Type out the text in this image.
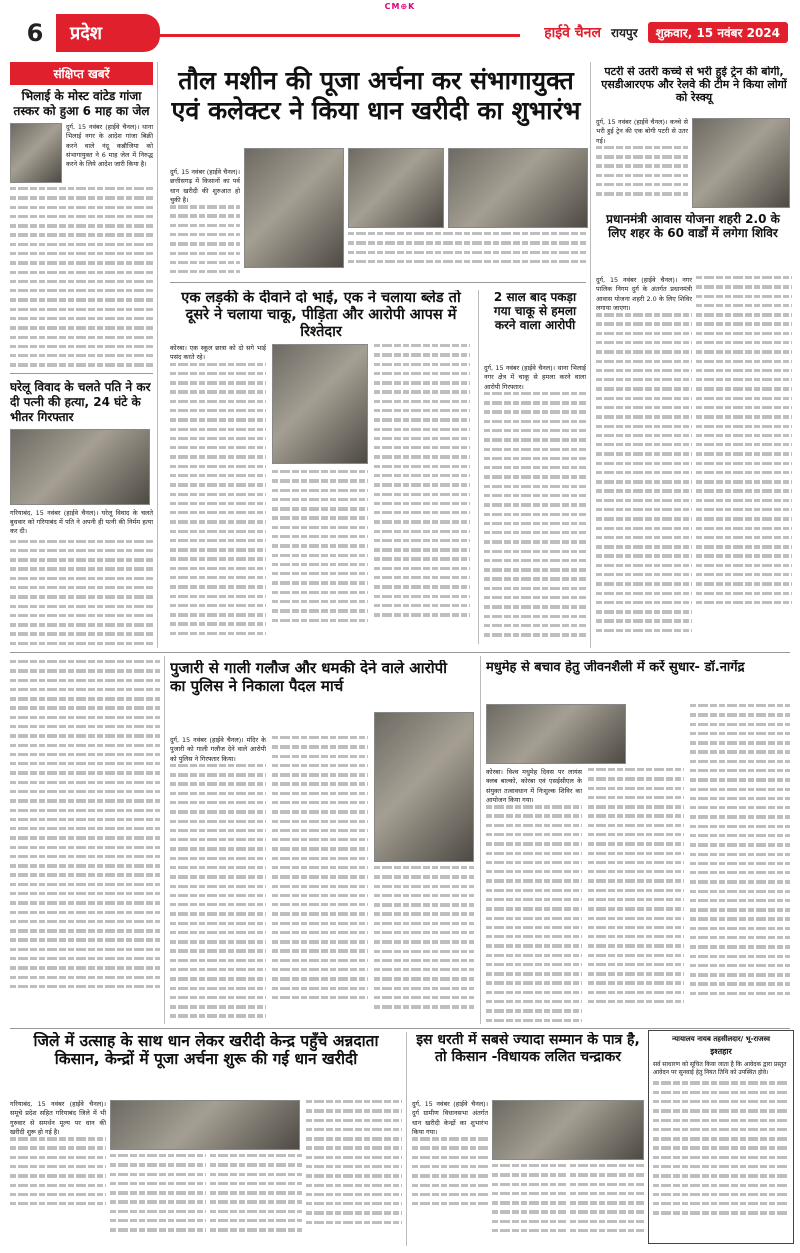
CM⊕K
6	प्रदेश	हाईवे चैनल रायपुर	शुक्रवार, 15 नवंबर 2024
संक्षिप्त खबरें
भिलाई के मोस्ट वांटेड गांजा तस्कर को हुआ 6 माह का जेल
दुर्ग, 15 नवंबर (हाईवे चैनल)। थाना भिलाई नगर के आदेश गांजा बिक्री करने वाले नंदू कन्नौजिया को संभागायुक्त ने 6 माह जेल में निरुद्ध करने के लिये आदेश जारी किया है।
घरेलू विवाद के चलते पति ने कर दी पत्नी की हत्या, 24 घंटे के भीतर गिरफ्तार
गरियाबंद, 15 नवंबर (हाईवे चैनल)। घरेलू विवाद के चलते बुधवार को गरियाबंद में पति ने अपनी ही पत्नी की निर्मम हत्या कर दी।
तौल मशीन की पूजा अर्चना कर संभागायुक्त एवं कलेक्टर ने किया धान खरीदी का शुभारंभ
दुर्ग, 15 नवंबर (हाईवे चैनल)। छत्तीसगढ़ में किसानों का पर्व धान खरीदी की शुरुआत हो चुकी है।
पटरी से उतरी कच्चे से भरी हुई ट्रेन की बोगी, एसडीआरएफ और रेलवे की टीम ने किया लोगों को रेस्क्यू
दुर्ग, 15 नवंबर (हाईवे चैनल)। कच्चे से भरी हुई ट्रेन की एक बोगी पटरी से उतर गई।
प्रधानमंत्री आवास योजना शहरी 2.0 के लिए शहर के 60 वार्डों में लगेगा शिविर
दुर्ग, 15 नवंबर (हाईवे चैनल)। नगर पालिक निगम दुर्ग के अंतर्गत प्रधानमंत्री आवास योजना शहरी 2.0 के लिए शिविर लगाया जाएगा।
एक लड़की के दीवाने दो भाई, एक ने चलाया ब्लेड तो दूसरे ने चलाया चाकू, पीड़िता और आरोपी आपस में रिश्तेदार
कोरबा। एक स्कूल छात्रा को दो सगे भाई पसंद करते रहे।
2 साल बाद पकड़ा गया चाकू से हमला करने वाला आरोपी
दुर्ग, 15 नवंबर (हाईवे चैनल)। थाना भिलाई नगर क्षेत्र में चाकू से हमला करने वाला आरोपी गिरफ्तार।
पुजारी से गाली गलौज और धमकी देने वाले आरोपी का पुलिस ने निकाला पैदल मार्च
दुर्ग, 15 नवंबर (हाईवे चैनल)। मंदिर के पुजारी को गाली गलौज देने वाले आरोपी को पुलिस ने गिरफ्तार किया।
मधुमेह से बचाव हेतु जीवनशैली में करें सुधार- डॉ.नागेंद्र
कोरबा। विश्व मधुमेह दिवस पर लायंस क्लब बाल्को, कोरबा एवं एसईसीएल के संयुक्त तत्वावधान में निःशुल्क शिविर का आयोजन किया गया।
जिले में उत्साह के साथ धान लेकर खरीदी केन्द्र पहुँचे अन्नदाता किसान, केन्द्रों में पूजा अर्चना शुरू की गई धान खरीदी
गरियाबंद, 15 नवंबर (हाईवे चैनल)। समूचे प्रदेश सहित गरियाबंद जिले में भी गुरुवार से समर्थन मूल्य पर धान की खरीदी शुरू हो गई है।
इस धरती में सबसे ज्यादा सम्मान के पात्र है, तो किसान -विधायक ललित चन्द्राकर
दुर्ग, 15 नवंबर (हाईवे चैनल)। दुर्ग ग्रामीण विधानसभा अंतर्गत धान खरीदी केन्द्रों का शुभारंभ किया गया।
न्यायालय नायब तहसीलदार/ भू-राजस्व
इश्तहार
सर्व साधारण को सूचित किया जाता है कि आवेदक द्वारा प्रस्तुत आवेदन पर सुनवाई हेतु नियत तिथि को उपस्थित होवे।
